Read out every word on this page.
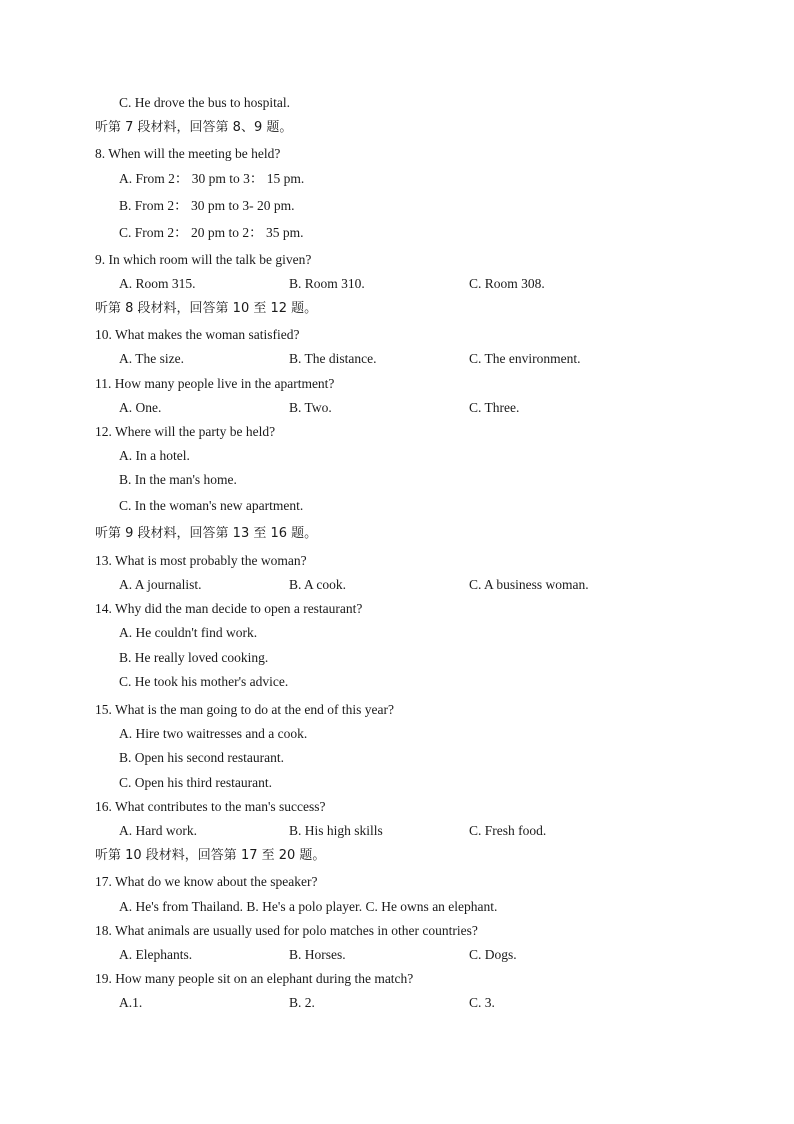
C. He drove the bus to hospital.
听第 7 段材料，回答第 8、9 题。
8. When will the meeting be held?
A. From 2： 30 pm to 3： 15 pm.
B. From 2： 30 pm to 3- 20 pm.
C. From 2： 20 pm to 2： 35 pm.
9. In which room will the talk be given?
A. Room 315.	B. Room 310.	C. Room 308.
听第 8 段材料，回答第 10 至 12 题。
10. What makes the woman satisfied?
A. The size.	B. The distance.	C. The environment.
11. How many people live in the apartment?
A. One.	B. Two.	C. Three.
12. Where will the party be held?
A. In a hotel.
B. In the man's home.
C. In the woman's new apartment.
听第 9 段材料，回答第 13 至 16 题。
13. What is most probably the woman?
A. A journalist.	B. A cook.	C. A business woman.
14. Why did the man decide to open a restaurant?
A. He couldn't find work.
B. He really loved cooking.
C. He took his mother's advice.
15. What is the man going to do at the end of this year?
A. Hire two waitresses and a cook.
B. Open his second restaurant.
C. Open his third restaurant.
16. What contributes to the man's success?
A. Hard work.	B. His high skills	C. Fresh food.
听第 10 段材料，回答第 17 至 20 题。
17. What do we know about the speaker?
A. He's from Thailand. B. He's a polo player. C. He owns an elephant.
18. What animals are usually used for polo matches in other countries?
A. Elephants.	B. Horses.	C. Dogs.
19. How many people sit on an elephant during the match?
A.1.	B. 2.	C. 3.
